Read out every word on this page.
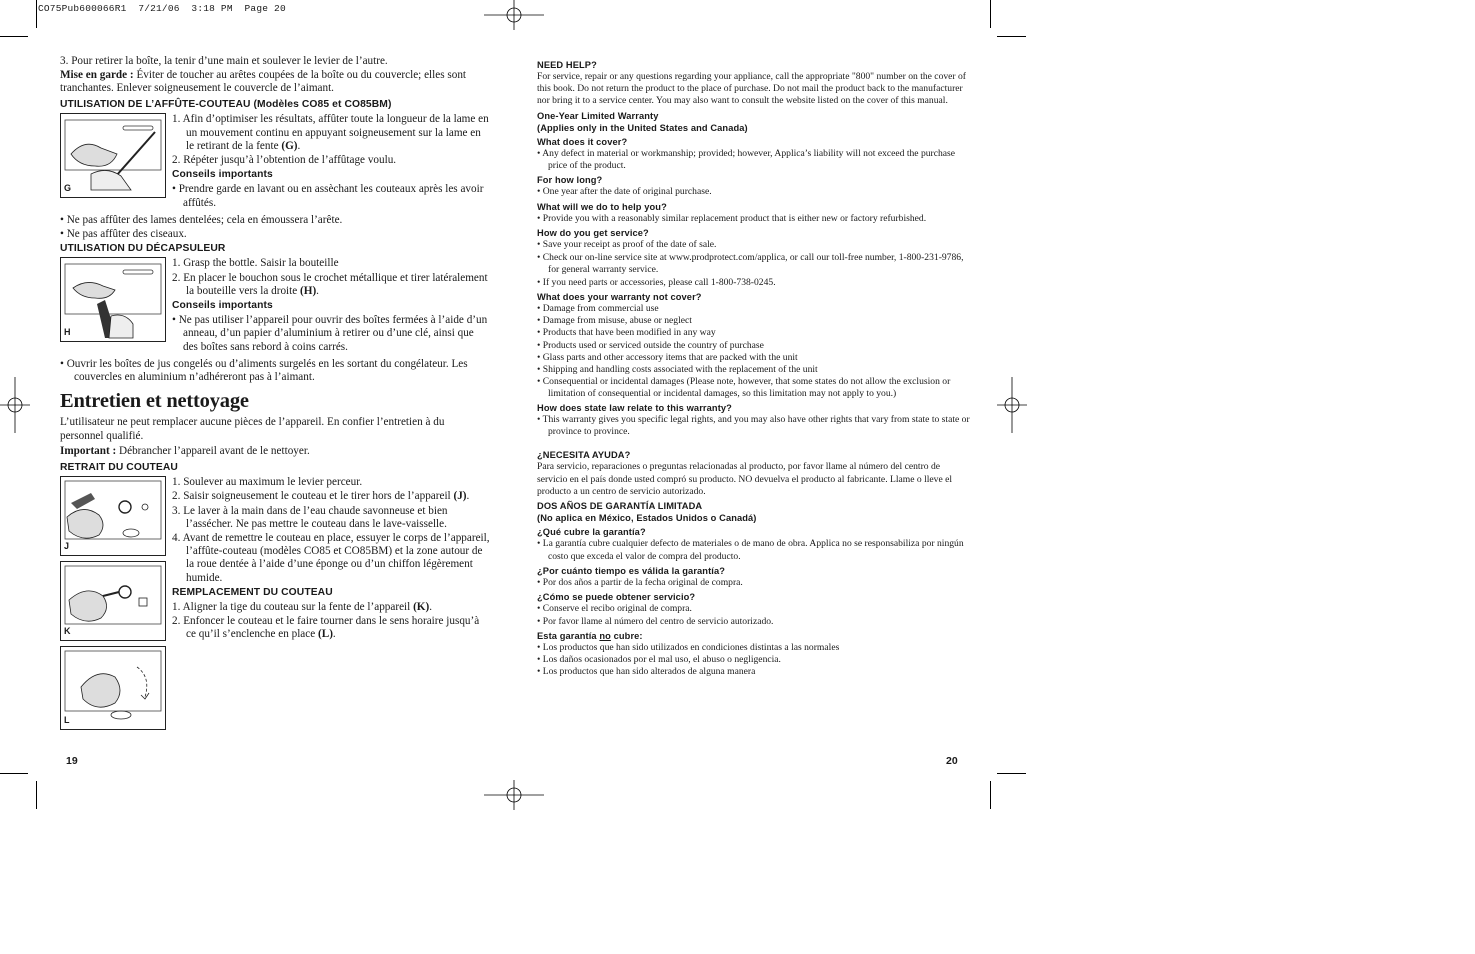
CO75Pub600066R1  7/21/06  3:18 PM  Page 20

3. Pour retirer la boîte, la tenir d’une main et soulever le levier de l’autre.

Mise en garde : Éviter de toucher au arêtes coupées de la boîte ou du couvercle; elles sont tranchantes. Enlever soigneusement le couvercle de l’aimant.

UTILISATION DE L’AFFÛTE-COUTEAU (Modèles CO85 et CO85BM)
G

1. Afin d’optimiser les résultats, affûter toute la longueur de la lame en un mouvement continu en appuyant soigneusement sur la lame en le retirant de la fente (G).

2. Répéter jusqu’à l’obtention de l’affûtage voulu.

Conseils importants

• Prendre garde en lavant ou en assèchant les couteaux après les avoir affûtés.

• Ne pas affûter des lames dentelées; cela en émoussera l’arête.

• Ne pas affûter des ciseaux.

UTILISATION DU DÉCAPSULEUR
H

1. Grasp the bottle. Saisir la bouteille

2. En placer le bouchon sous le crochet métallique et tirer latéralement la bouteille vers la droite (H).

Conseils importants

• Ne pas utiliser l’appareil pour ouvrir des boîtes fermées à l’aide d’un anneau, d’un papier d’aluminium à retirer ou d’une clé, ainsi que des boîtes sans rebord à coins carrés.

• Ouvrir les boîtes de jus congelés ou d’aliments surgelés en les sortant du congélateur. Les couvercles en aluminium n’adhéreront pas à l’aimant.

Entretien et nettoyage

L’utilisateur ne peut remplacer aucune pièces de l’appareil. En confier l’entretien à du personnel qualifié.

Important : Débrancher l’appareil avant de le nettoyer.

RETRAIT DU COUTEAU
J
K
L

1. Soulever au maximum le levier perceur.

2. Saisir soigneusement le couteau et le tirer hors de l’appareil (J).

3. Le laver à la main dans de l’eau chaude savonneuse et bien l’assécher. Ne pas mettre le couteau dans le lave-vaisselle.

4. Avant de remettre le couteau en place, essuyer le corps de l’appareil, l’affûte-couteau (modèles CO85 et CO85BM) et la zone autour de la roue dentée à l’aide d’une éponge ou d’un chiffon légèrement humide.

REMPLACEMENT DU COUTEAU

1. Aligner la tige du couteau sur la fente de l’appareil (K).

2. Enfoncer le couteau et le faire tourner dans le sens horaire jusqu’à ce qu’il s’enclenche en place (L).

19
NEED HELP?

For service, repair or any questions regarding your appliance, call the appropriate "800" number on the cover of this book. Do not return the product to the place of purchase. Do not mail the product back to the manufacturer nor bring it to a service center. You may also want to consult the website listed on the cover of this manual.

One-Year Limited Warranty
(Applies only in the United States and Canada)
What does it cover?

• Any defect in material or workmanship; provided; however, Applica’s liability will not exceed the purchase price of the product.

For how long?

• One year after the date of original purchase.

What will we do to help you?

• Provide you with a reasonably similar replacement product that is either new or factory refurbished.

How do you get service?

• Save your receipt as proof of the date of sale.

• Check our on-line service site at www.prodprotect.com/applica, or call our toll-free number, 1-800-231-9786, for general warranty service.

• If you need parts or accessories, please call 1-800-738-0245.

What does your warranty not cover?

• Damage from commercial use

• Damage from misuse, abuse or neglect

• Products that have been modified in any way

• Products used or serviced outside the country of purchase

• Glass parts and other accessory items that are packed with the unit

• Shipping and handling costs associated with the replacement of the unit

• Consequential or incidental damages (Please note, however, that some states do not allow the exclusion or limitation of consequential or incidental damages, so this limitation may not apply to you.)

How does state law relate to this warranty?

• This warranty gives you specific legal rights, and you may also have other rights that vary from state to state or province to province.

¿NECESITA AYUDA?

Para servicio, reparaciones o preguntas relacionadas al producto, por favor llame al número del centro de servicio en el país donde usted compró su producto. NO devuelva el producto al fabricante. Llame o lleve el producto a un centro de servicio autorizado.

DOS AÑOS DE GARANTÍA LIMITADA
(No aplica en México, Estados Unidos o Canadá)
¿Qué cubre la garantía?

• La garantía cubre cualquier defecto de materiales o de mano de obra. Applica no se responsabiliza por ningún costo que exceda el valor de compra del producto.

¿Por cuánto tiempo es válida la garantía?

• Por dos años a partir de la fecha original de compra.

¿Cómo se puede obtener servicio?

• Conserve el recibo original de compra.

• Por favor llame al número del centro de servicio autorizado.

Esta garantía no cubre:

• Los productos que han sido utilizados en condiciones distintas a las normales

• Los daños ocasionados por el mal uso, el abuso o negligencia.

• Los productos que han sido alterados de alguna manera

20
